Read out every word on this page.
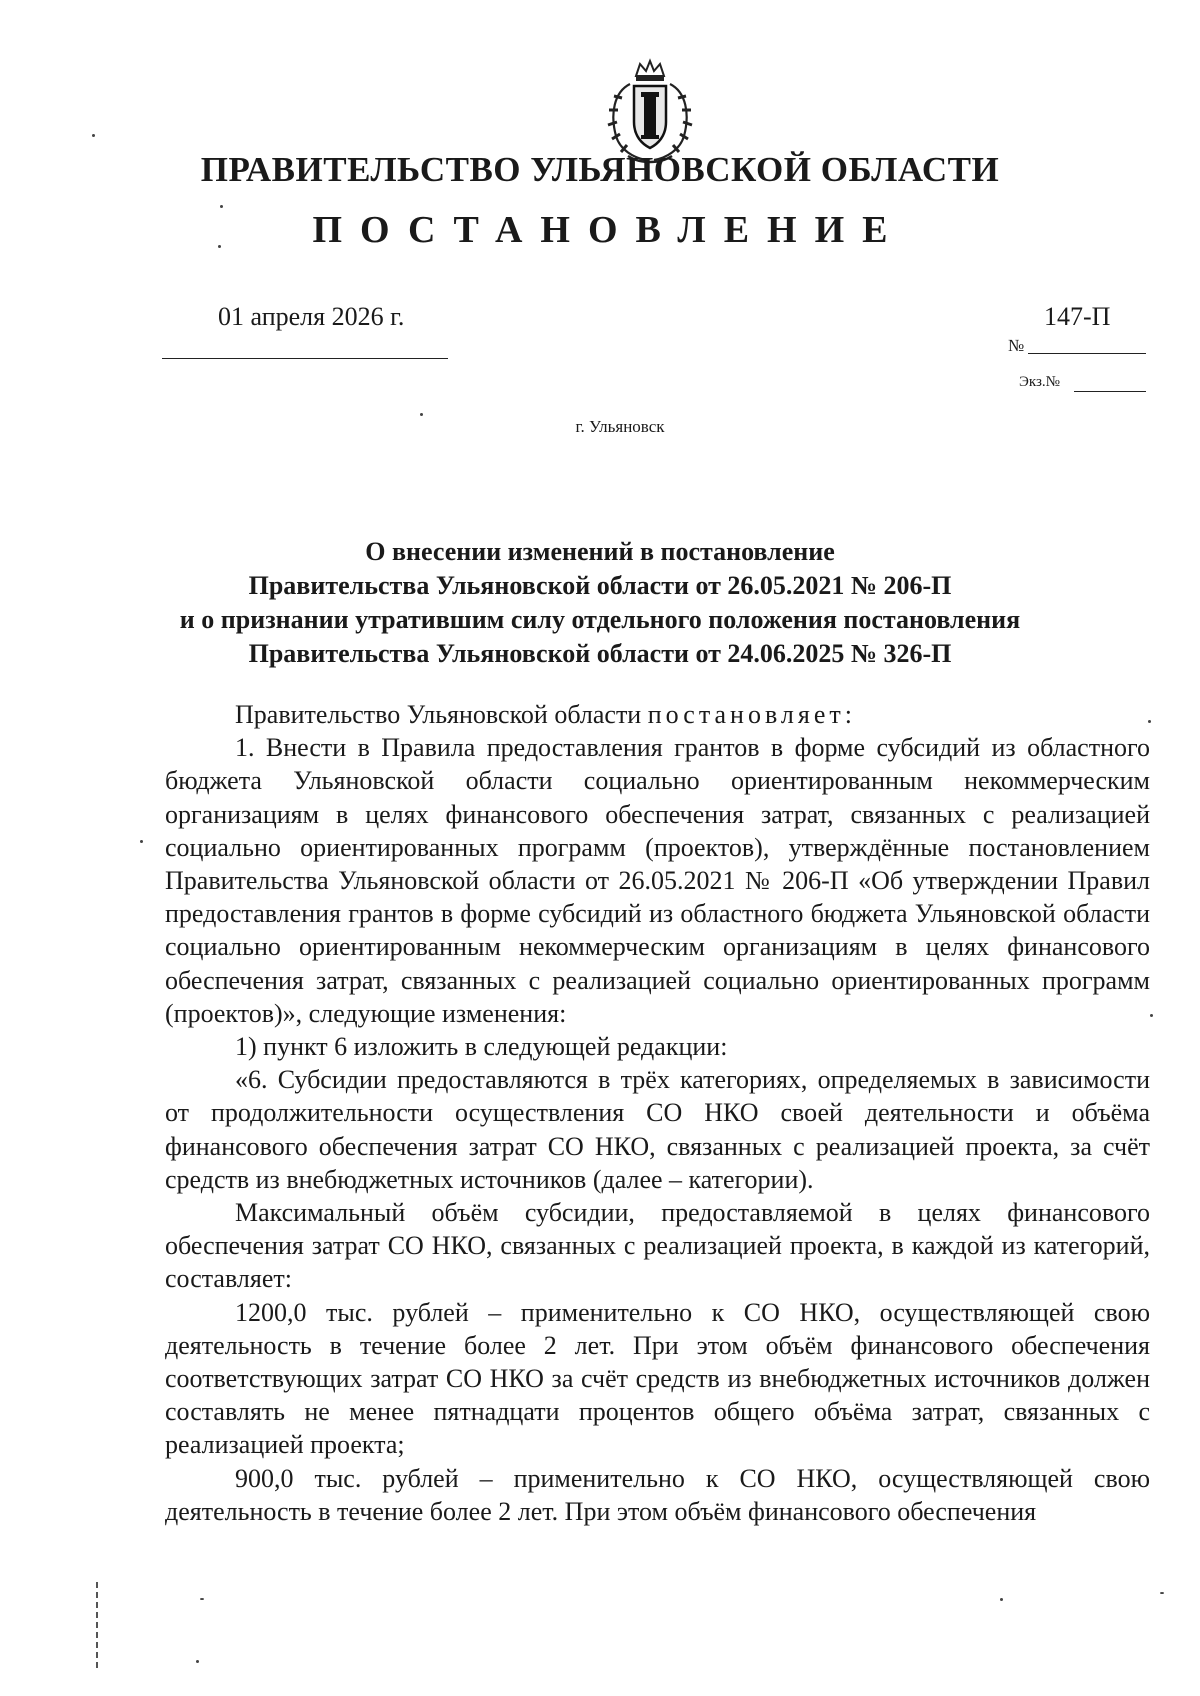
ПРАВИТЕЛЬСТВО УЛЬЯНОВСКОЙ ОБЛАСТИ
ПОСТАНОВЛЕНИЕ
01 апреля 2026 г.	147-П
№
Экз.№
г. Ульяновск
О внесении изменений в постановление
Правительства Ульяновской области от 26.05.2021 № 206-П
и о признании утратившим силу отдельного положения постановления
Правительства Ульяновской области от 24.06.2025 № 326-П

Правительство Ульяновской области постановляет:

1. Внести в Правила предоставления грантов в форме субсидий из областного бюджета Ульяновской области социально ориентированным некоммерческим организациям в целях финансового обеспечения затрат, связанных с реализацией социально ориентированных программ (проектов), утверждённые постановлением Правительства Ульяновской области от 26.05.2021 № 206-П «Об утверждении Правил предоставления грантов в форме субсидий из областного бюджета Ульяновской области социально ориентированным некоммерческим организациям в целях финансового обеспечения затрат, связанных с реализацией социально ориентированных программ (проектов)», следующие изменения:

1) пункт 6 изложить в следующей редакции:

«6. Субсидии предоставляются в трёх категориях, определяемых в зависимости от продолжительности осуществления СО НКО своей деятельности и объёма финансового обеспечения затрат СО НКО, связанных с реализацией проекта, за счёт средств из внебюджетных источников (далее – категории).

Максимальный объём субсидии, предоставляемой в целях финансового обеспечения затрат СО НКО, связанных с реализацией проекта, в каждой из категорий, составляет:

1200,0 тыс. рублей – применительно к СО НКО, осуществляющей свою деятельность в течение более 2 лет. При этом объём финансового обеспечения соответствующих затрат СО НКО за счёт средств из внебюджетных источников должен составлять не менее пятнадцати процентов общего объёма затрат, связанных с реализацией проекта;

900,0 тыс. рублей – применительно к СО НКО, осуществляющей свою деятельность в течение более 2 лет. При этом объём финансового обеспечения
